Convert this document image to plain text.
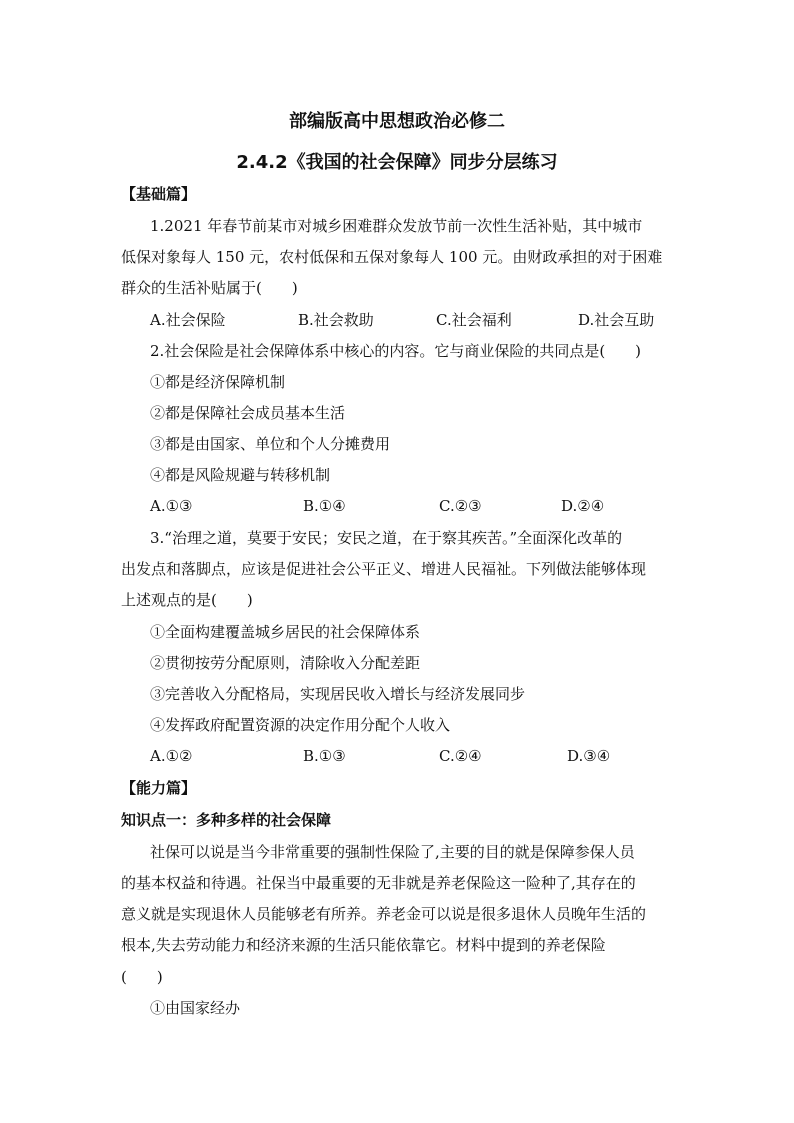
部编版高中思想政治必修二
2.4.2《我国的社会保障》同步分层练习
【基础篇】
1.2021 年春节前某市对城乡困难群众发放节前一次性生活补贴，其中城市
低保对象每人 150 元，农村低保和五保对象每人 100 元。由财政承担的对于困难
群众的生活补贴属于(　　)
A.社会保险	B.社会救助	C.社会福利	D.社会互助
2.社会保险是社会保障体系中核心的内容。它与商业保险的共同点是(　　)
①都是经济保障机制
②都是保障社会成员基本生活
③都是由国家、单位和个人分摊费用
④都是风险规避与转移机制
A.①③	B.①④	C.②③	D.②④
3.“治理之道，莫要于安民；安民之道，在于察其疾苦。”全面深化改革的
出发点和落脚点，应该是促进社会公平正义、增进人民福祉。下列做法能够体现
上述观点的是(　　)
①全面构建覆盖城乡居民的社会保障体系
②贯彻按劳分配原则，清除收入分配差距
③完善收入分配格局，实现居民收入增长与经济发展同步
④发挥政府配置资源的决定作用分配个人收入
A.①②	B.①③	C.②④	D.③④
【能力篇】
知识点一：多种多样的社会保障
社保可以说是当今非常重要的强制性保险了,主要的目的就是保障参保人员
的基本权益和待遇。社保当中最重要的无非就是养老保险这一险种了,其存在的
意义就是实现退休人员能够老有所养。养老金可以说是很多退休人员晚年生活的
根本,失去劳动能力和经济来源的生活只能依靠它。材料中提到的养老保险
(　　)
①由国家经办
